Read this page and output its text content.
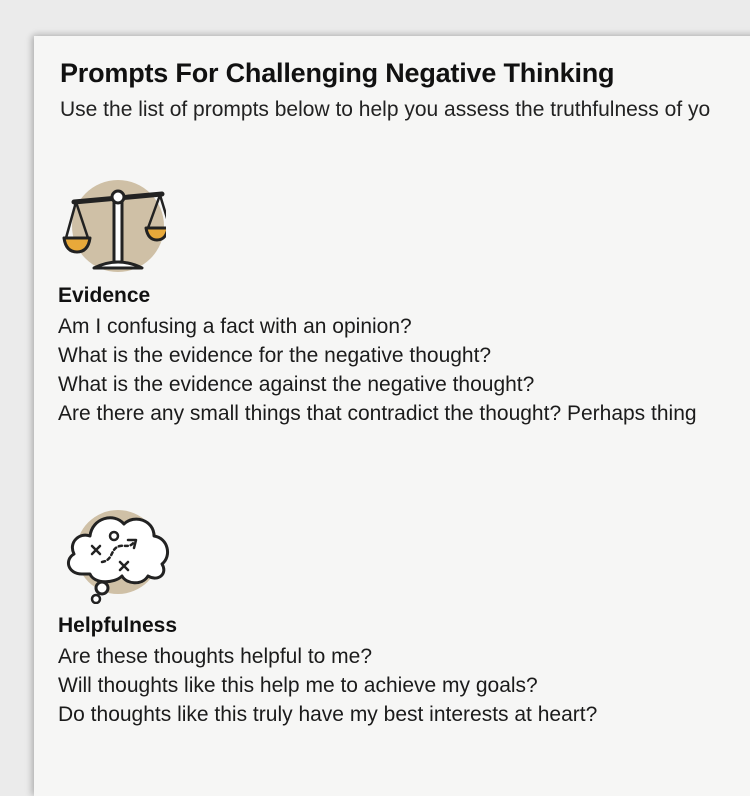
Prompts For Challenging Negative Thinking
Use the list of prompts below to help you assess the truthfulness of yo
Evidence
Am I confusing a fact with an opinion?
What is the evidence for the negative thought?
What is the evidence against the negative thought?
Are there any small things that contradict the thought? Perhaps thing
Helpfulness
Are these thoughts helpful to me?
Will thoughts like this help me to achieve my goals?
Do thoughts like this truly have my best interests at heart?
